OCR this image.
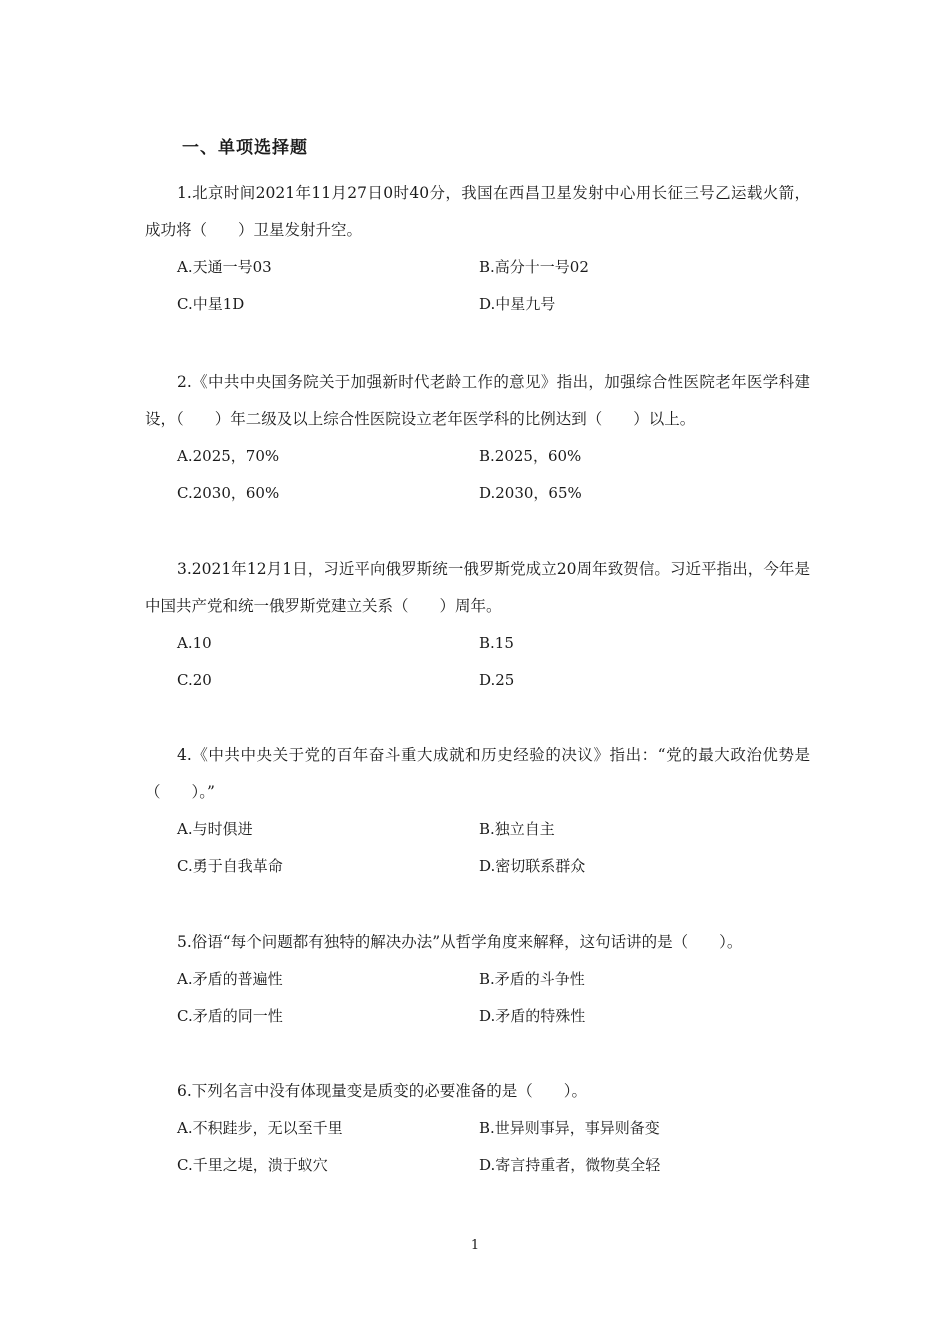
一、单项选择题

1.北京时间2021年11月27日0时40分，我国在西昌卫星发射中心用长征三号乙运载火箭，成功将（　　）卫星发射升空。

A.天通一号03	B.高分十一号02
C.中星1D	D.中星九号

2.《中共中央国务院关于加强新时代老龄工作的意见》指出，加强综合性医院老年医学科建设，（　　）年二级及以上综合性医院设立老年医学科的比例达到（　　）以上。

A.2025，70%	B.2025，60%
C.2030，60%	D.2030，65%

3.2021年12月1日，习近平向俄罗斯统一俄罗斯党成立20周年致贺信。习近平指出，今年是中国共产党和统一俄罗斯党建立关系（　　）周年。

A.10	B.15
C.20	D.25

4.《中共中央关于党的百年奋斗重大成就和历史经验的决议》指出：“党的最大政治优势是（　　）。”

A.与时俱进	B.独立自主
C.勇于自我革命	D.密切联系群众

5.俗语“每个问题都有独特的解决办法”从哲学角度来解释，这句话讲的是（　　）。

A.矛盾的普遍性	B.矛盾的斗争性
C.矛盾的同一性	D.矛盾的特殊性

6.下列名言中没有体现量变是质变的必要准备的是（　　）。

A.不积跬步，无以至千里	B.世异则事异，事异则备变
C.千里之堤，溃于蚁穴	D.寄言持重者，微物莫全轻
1
